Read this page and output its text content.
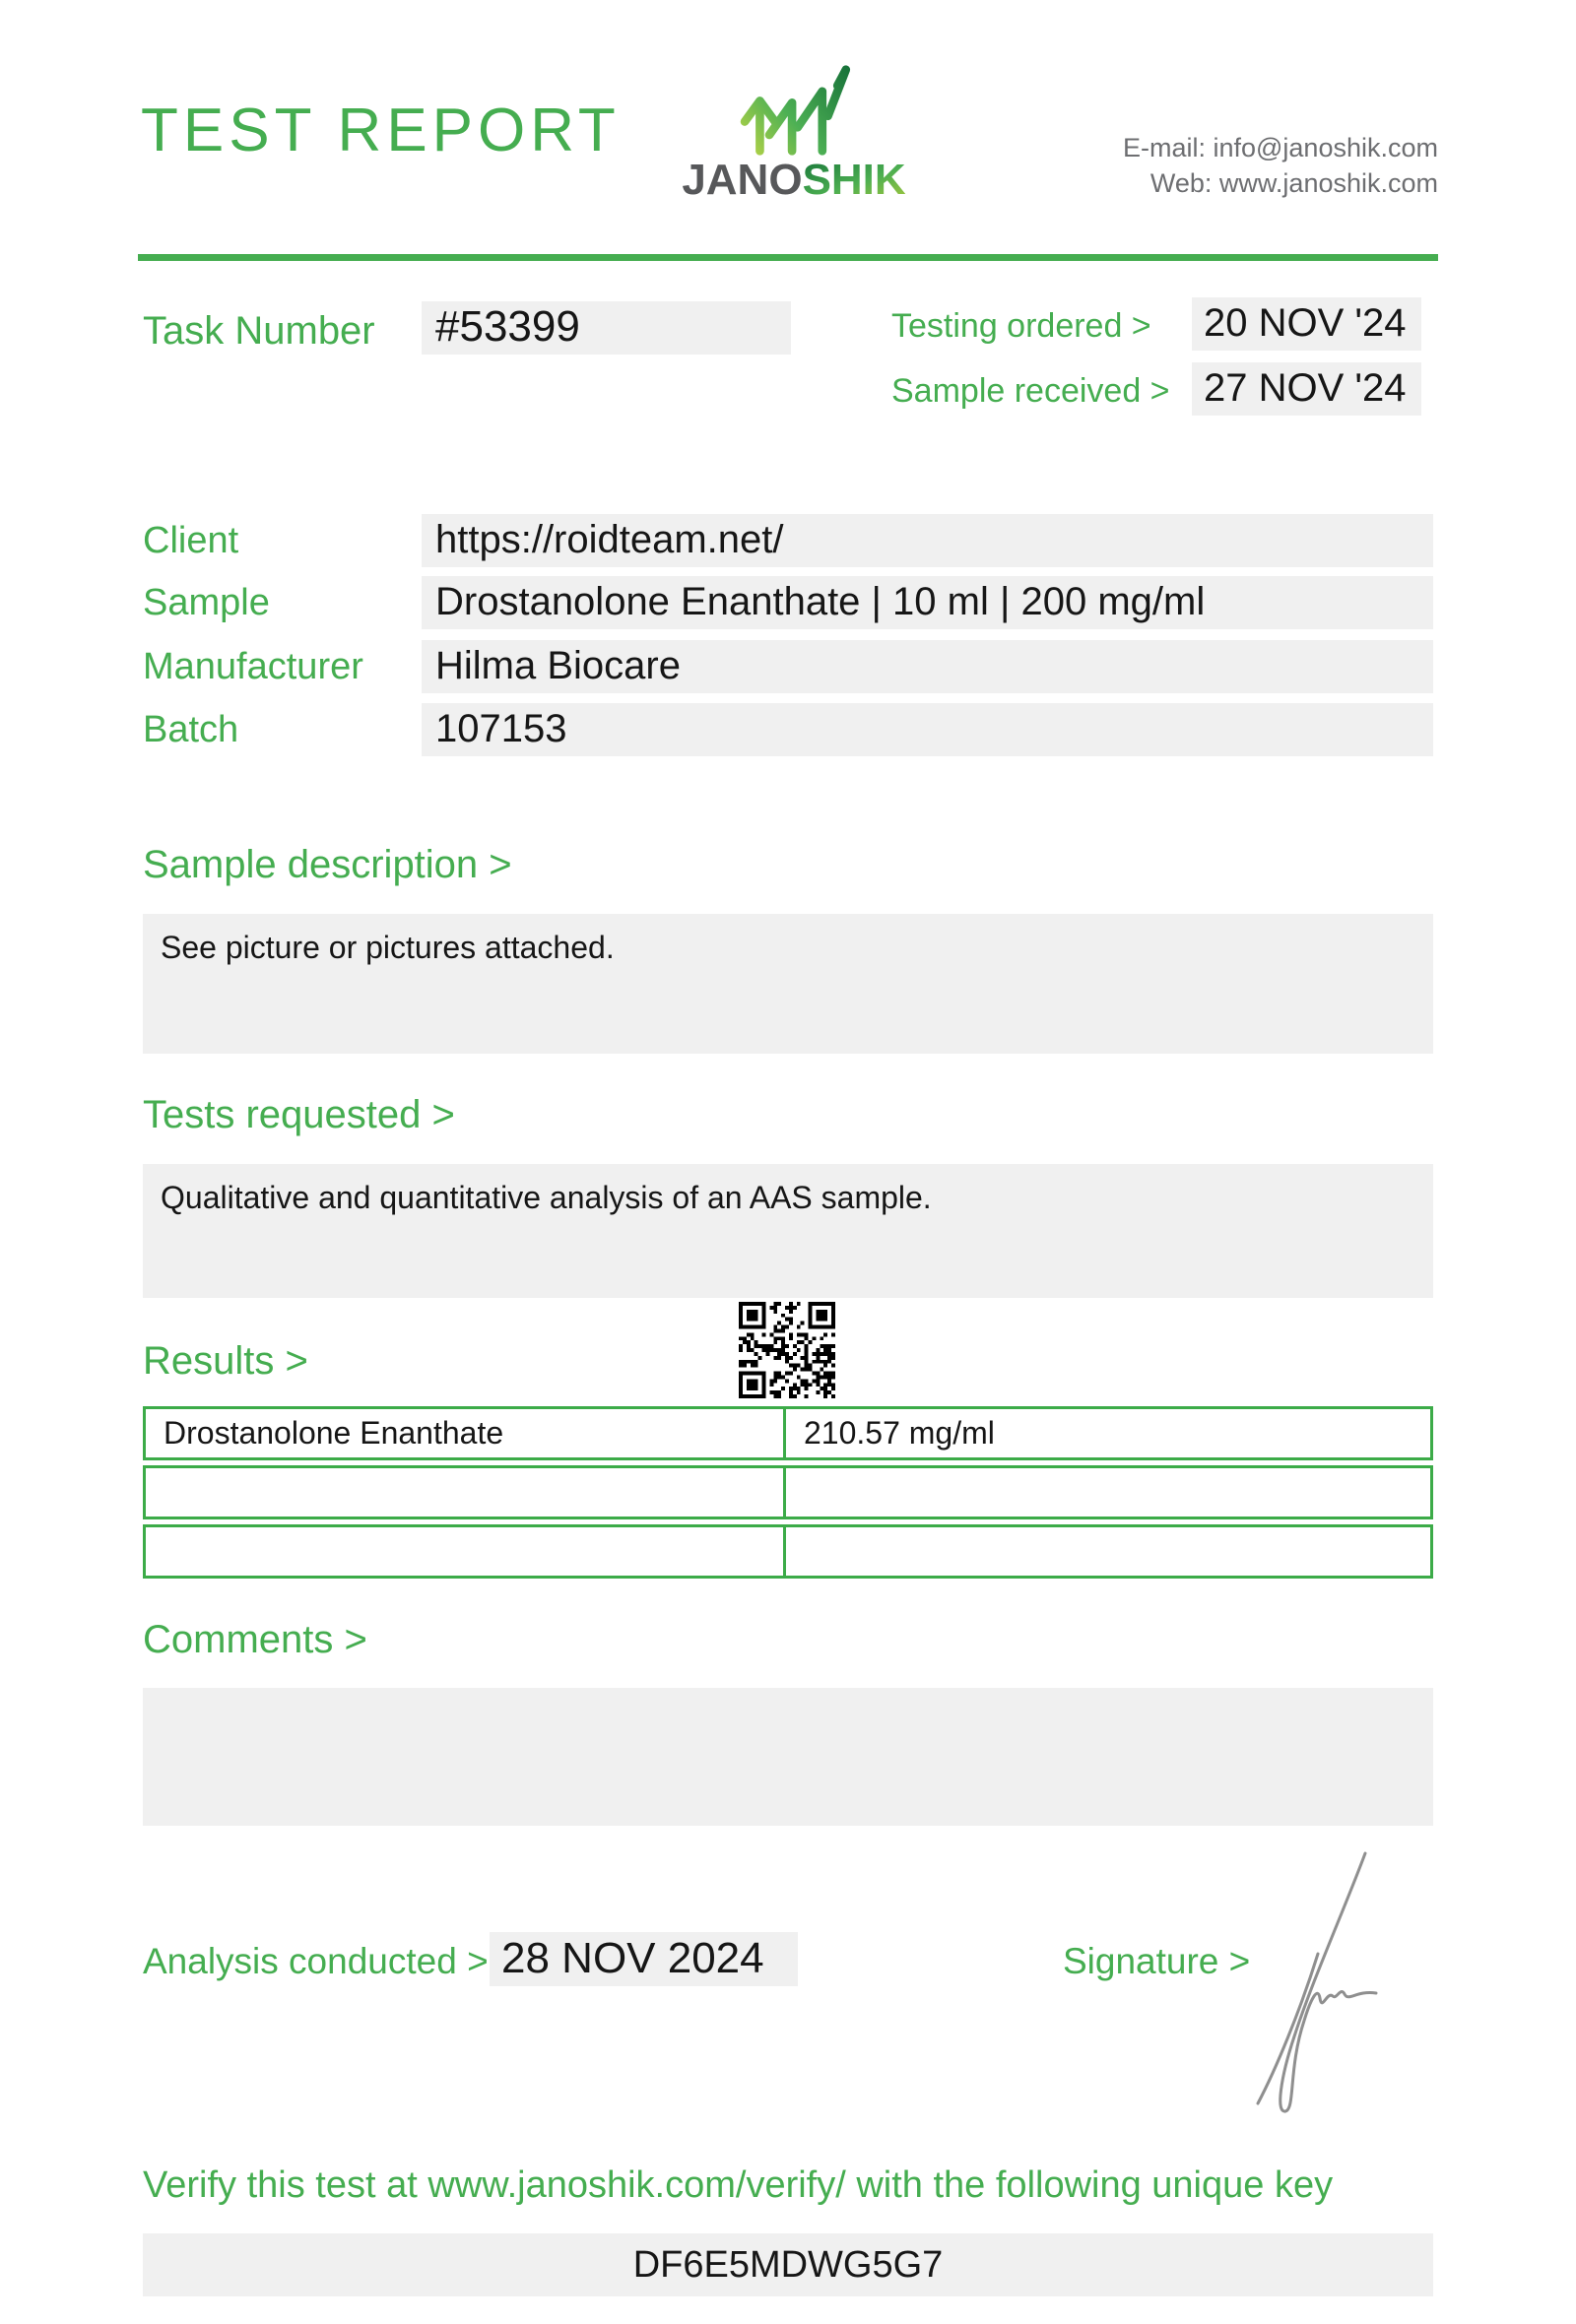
TEST REPORT
JANOSHIK
E-mail: info@janoshik.com
Web: www.janoshik.com
Task Number	#53399	Testing ordered >	20 NOV '24
Sample received > 27 NOV '24
Client	https://roidteam.net/
Sample	Drostanolone Enanthate | 10 ml | 200 mg/ml
Manufacturer	Hilma Biocare
Batch	107153
Sample description >
See picture or pictures attached.
Tests requested >
Qualitative and quantitative analysis of an AAS sample.
Results >
Drostanolone Enanthate	210.57 mg/ml
Comments >
Analysis conducted > 28 NOV 2024	Signature >
Verify this test at www.janoshik.com/verify/ with the following unique key
DF6E5MDWG5G7
